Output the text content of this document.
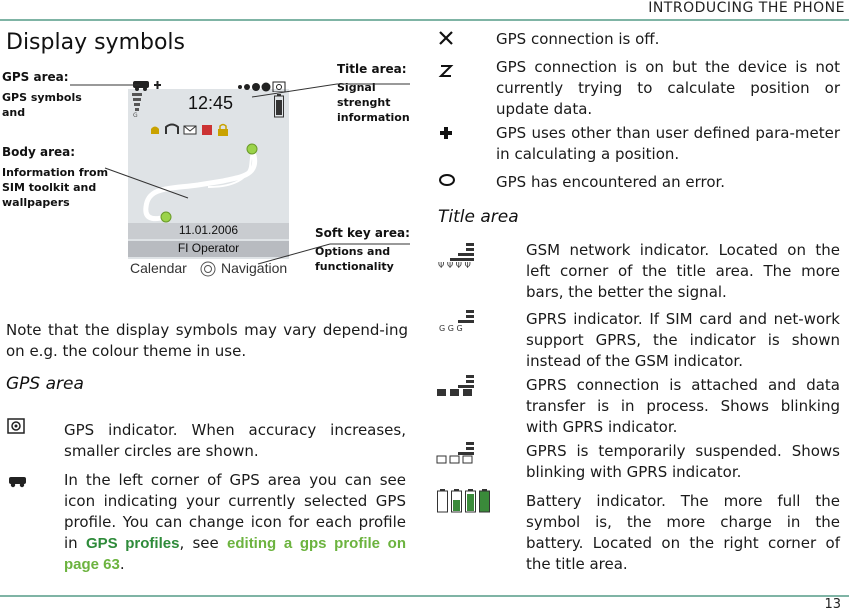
INTRODUCING THE PHONE
Display symbols
GPS area:
GPS symbols
and
Body area:
Information from
SIM toolkit and
wallpapers
Title area:
Signal
strenght
information
Soft key area:
Options and
functionality
G
12:45
11.01.2006
FI Operator
Calendar Navigation
Note that the display symbols may vary depend-ing on e.g. the colour theme in use.
GPS area
GPS indicator. When accuracy increases, smaller circles are shown.
In the left corner of GPS area you can see icon indicating your currently selected GPS profile. You can change icon for each profile in GPS profiles, see editing a gps profile on page 63.
GPS connection is off.
GPS connection is on but the device is not currently trying to calculate position or update data.
GPS uses other than user defined para-meter in calculating a position.
GPS has encountered an error.
Title area
Ψ Ψ Ψ Ψ
GSM network indicator. Located on the left corner of the title area. The more bars, the better the signal.
G G G
GPRS indicator. If SIM card and net-work support GPRS, the indicator is shown instead of the GSM indicator.
GPRS connection is attached and data transfer is in process. Shows blinking with GPRS indicator.
GPRS is temporarily suspended. Shows blinking with GPRS indicator.
Battery indicator. The more full the symbol is, the more charge in the battery. Located on the right corner of the title area.
13
